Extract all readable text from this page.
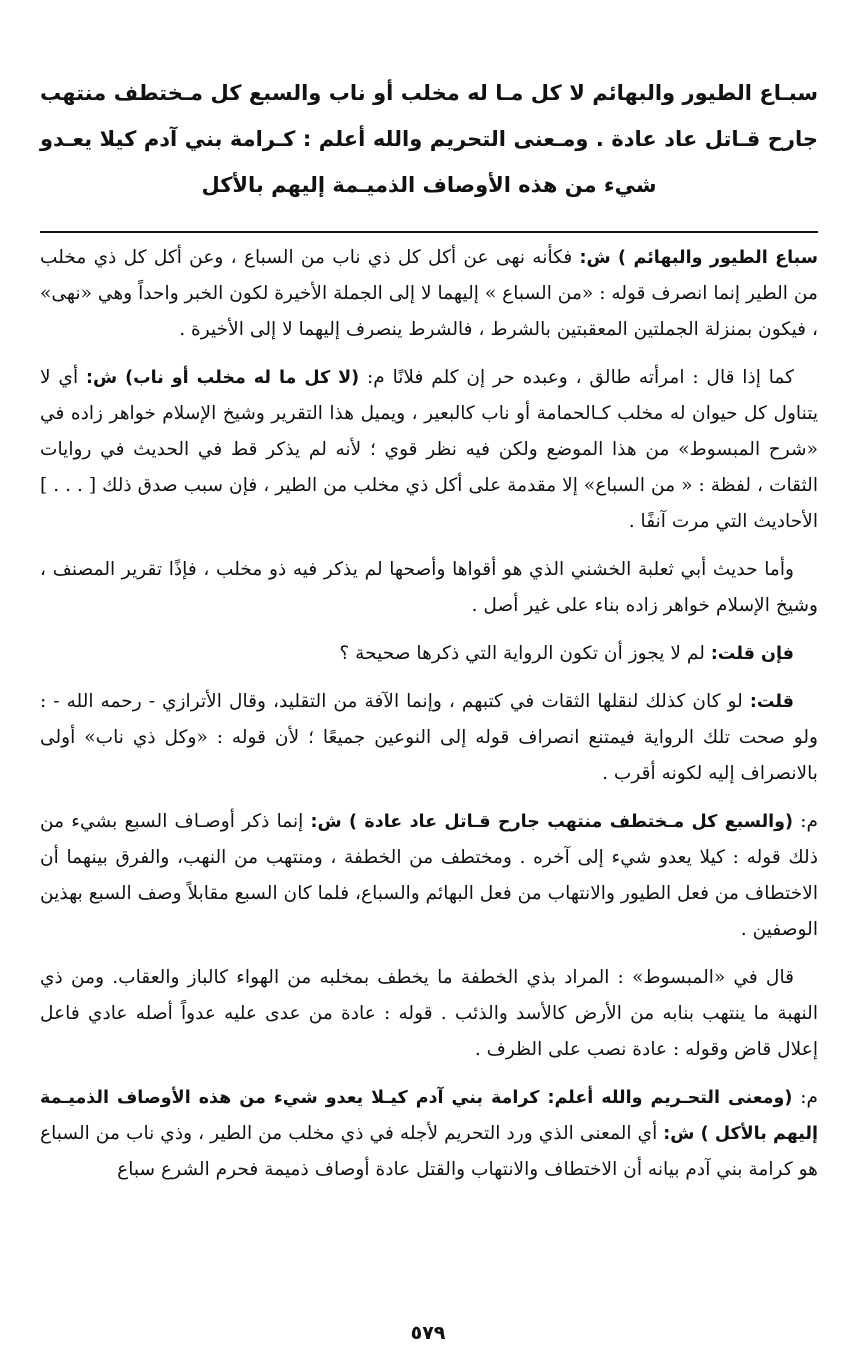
سبـاع الطيور والبهائم لا كل مـا له مخلب أو ناب والسبع كل مـختطف منتهب جارح قـاتل عاد عادة . ومـعنى التحريم والله أعلم : كـرامة بني آدم كيلا يعـدو شيء من هذه الأوصاف الذميـمة إليهم بالأكل

سباع الطيور والبهائم ) ش: فكأنه نهى عن أكل كل ذي ناب من السباع ، وعن أكل كل ذي مخلب من الطير إنما انصرف قوله : «من السباع » إليهما لا إلى الجملة الأخيرة لكون الخبر واحداً وهي «نهى» ، فيكون بمنزلة الجملتين المعقبتين بالشرط ، فالشرط ينصرف إليهما لا إلى الأخيرة .

كما إذا قال : امرأته طالق ، وعبده حر إن كلم فلانًا م: (لا كل ما له مخلب أو ناب) ش: أي لا يتناول كل حيوان له مخلب كـالحمامة أو ناب كالبعير ، ويميل هذا التقرير وشيخ الإسلام خواهر زاده في «شرح المبسوط» من هذا الموضع ولكن فيه نظر قوي ؛ لأنه لم يذكر قط في الحديث في روايات الثقات ، لفظة : « من السباع» إلا مقدمة على أكل ذي مخلب من الطير ، فإن سبب صدق ذلك [ . . . ] الأحاديث التي مرت آنفًا .

وأما حديث أبي ثعلبة الخشني الذي هو أقواها وأصحها لم يذكر فيه ذو مخلب ، فإذًا تقرير المصنف ، وشيخ الإسلام خواهر زاده بناء على غير أصل .

فإن قلت: لم لا يجوز أن تكون الرواية التي ذكرها صحيحة ؟

قلت: لو كان كذلك لنقلها الثقات في كتبهم ، وإنما الآفة من التقليد، وقال الأترازي - رحمه الله - : ولو صحت تلك الرواية فيمتنع انصراف قوله إلى النوعين جميعًا ؛ لأن قوله : «وكل ذي ناب» أولى بالانصراف إليه لكونه أقرب .

م: (والسبع كل مـختطف منتهب جارح قـاتل عاد عادة ) ش: إنما ذكر أوصـاف السبع بشيء من ذلك قوله : كيلا يعدو شيء إلى آخره . ومختطف من الخطفة ، ومنتهب من النهب، والفرق بينهما أن الاختطاف من فعل الطيور والانتهاب من فعل البهائم والسباع، فلما كان السبع مقابلاً وصف السبع بهذين الوصفين .

قال في «المبسوط» : المراد بذي الخطفة ما يخطف بمخلبه من الهواء كالباز والعقاب. ومن ذي النهبة ما ينتهب بنابه من الأرض كالأسد والذئب . قوله : عادة من عدى عليه عدواً أصله عادي فاعل إعلال قاض وقوله : عادة نصب على الظرف .

م: (ومعنى التحـريم والله أعلم: كرامة بني آدم كيـلا يعدو شيء من هذه الأوصاف الذميـمة إليهم بالأكل ) ش: أي المعنى الذي ورد التحريم لأجله في ذي مخلب من الطير ، وذي ناب من السباع هو كرامة بني آدم بيانه أن الاختطاف والانتهاب والقتل عادة أوصاف ذميمة فحرم الشرع سباع

٥٧٩
